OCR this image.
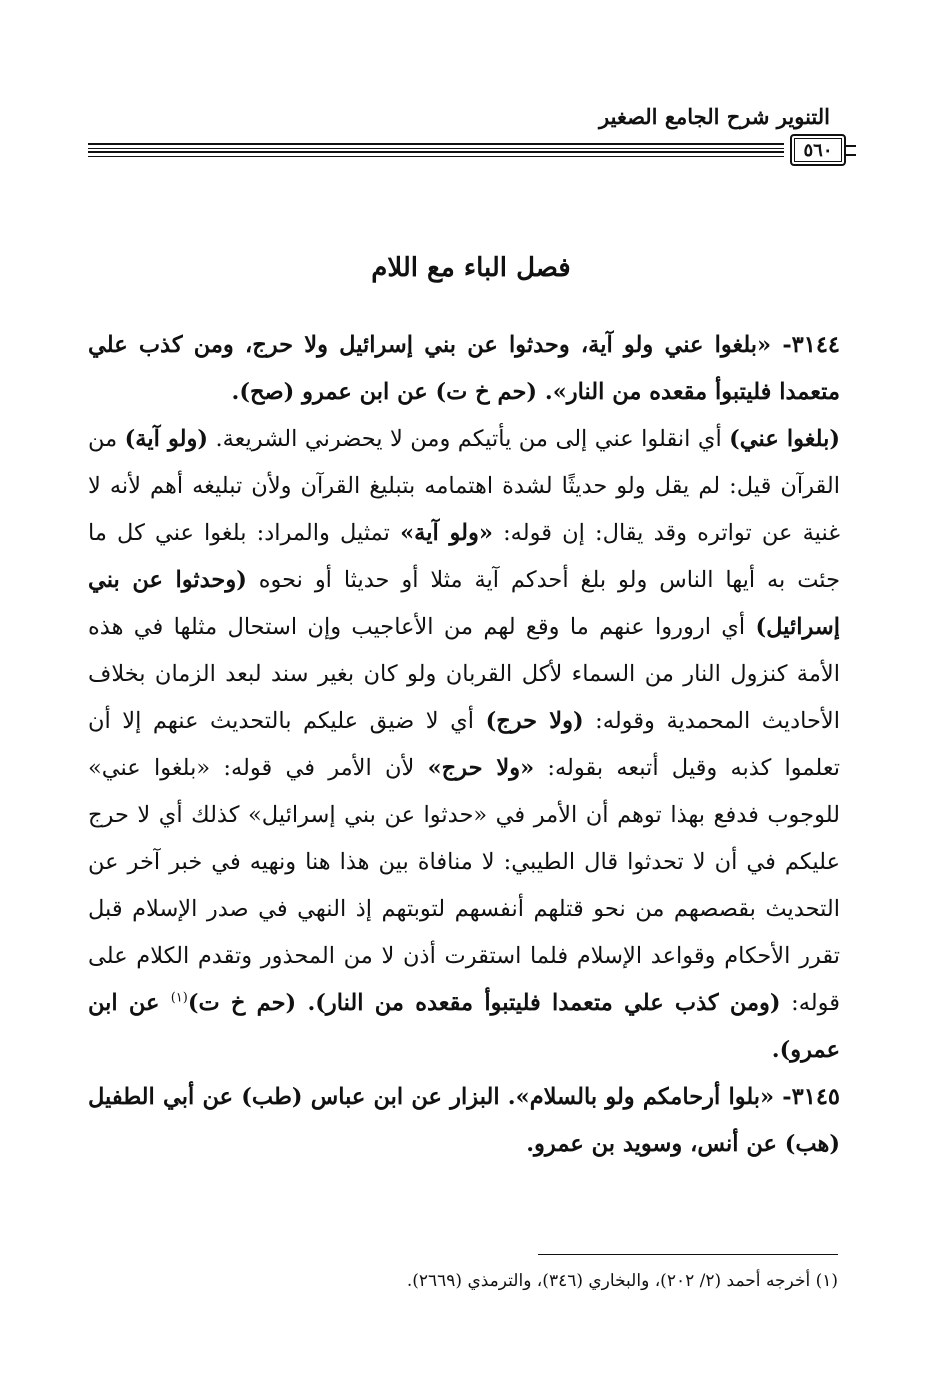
التنوير شرح الجامع الصغير
٥٦٠
فصل الباء مع اللام

٣١٤٤- «بلغوا عني ولو آية، وحدثوا عن بني إسرائيل ولا حرج، ومن كذب علي متعمدا فليتبوأ مقعده من النار». (حم خ ت) عن ابن عمرو (صح).

(بلغوا عني) أي انقلوا عني إلى من يأتيكم ومن لا يحضرني الشريعة. (ولو آية) من القرآن قيل: لم يقل ولو حديثًا لشدة اهتمامه بتبليغ القرآن ولأن تبليغه أهم لأنه لا غنية عن تواتره وقد يقال: إن قوله: «ولو آية» تمثيل والمراد: بلغوا عني كل ما جئت به أيها الناس ولو بلغ أحدكم آية مثلا أو حديثا أو نحوه (وحدثوا عن بني إسرائيل) أي اروروا عنهم ما وقع لهم من الأعاجيب وإن استحال مثلها في هذه الأمة كنزول النار من السماء لأكل القربان ولو كان بغير سند لبعد الزمان بخلاف الأحاديث المحمدية وقوله: (ولا حرج) أي لا ضيق عليكم بالتحديث عنهم إلا أن تعلموا كذبه وقيل أتبعه بقوله: «ولا حرج» لأن الأمر في قوله: «بلغوا عني» للوجوب فدفع بهذا توهم أن الأمر في «حدثوا عن بني إسرائيل» كذلك أي لا حرج عليكم في أن لا تحدثوا قال الطيبي: لا منافاة بين هذا هنا ونهيه في خبر آخر عن التحديث بقصصهم من نحو قتلهم أنفسهم لتوبتهم إذ النهي في صدر الإسلام قبل تقرر الأحكام وقواعد الإسلام فلما استقرت أذن لا من المحذور وتقدم الكلام على قوله: (ومن كذب علي متعمدا فليتبوأ مقعده من النار). (حم خ ت)$^{(١)}$ عن ابن عمرو).

٣١٤٥- «بلوا أرحامكم ولو بالسلام». البزار عن ابن عباس (طب) عن أبي الطفيل (هب) عن أنس، وسويد بن عمرو.

(١) أخرجه أحمد (٢/ ٢٠٢)، والبخاري (٣٤٦)، والترمذي (٢٦٦٩).
